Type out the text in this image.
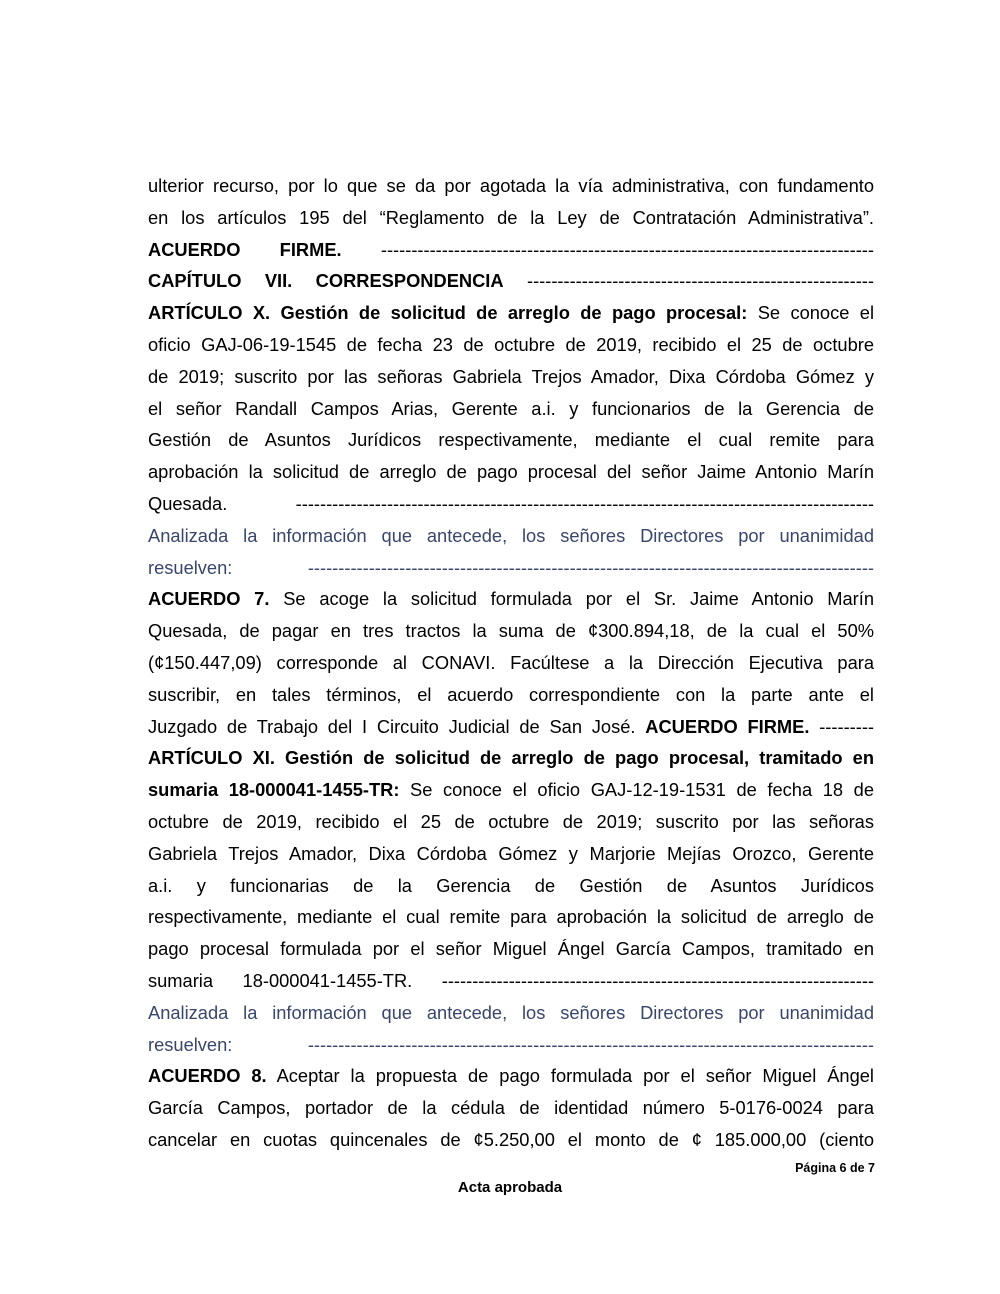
ulterior recurso, por lo que se da por agotada la vía administrativa, con fundamento
en los artículos 195 del “Reglamento de la Ley de Contratación Administrativa”.
ACUERDO FIRME. ---------------------------------------------------------------------------------
CAPÍTULO VII. CORRESPONDENCIA ---------------------------------------------------------
ARTÍCULO X. Gestión de solicitud de arreglo de pago procesal: Se conoce el
oficio GAJ-06-19-1545 de fecha 23 de octubre de 2019, recibido el 25 de octubre
de 2019; suscrito por las señoras Gabriela Trejos Amador, Dixa Córdoba Gómez y
el señor Randall Campos Arias, Gerente a.i. y funcionarios de la Gerencia de
Gestión de Asuntos Jurídicos respectivamente, mediante el cual remite para
aprobación la solicitud de arreglo de pago procesal del señor Jaime Antonio Marín
Quesada. -----------------------------------------------------------------------------------------------
Analizada la información que antecede, los señores Directores por unanimidad
resuelven: ---------------------------------------------------------------------------------------------
ACUERDO 7. Se acoge la solicitud formulada por el Sr. Jaime Antonio Marín
Quesada, de pagar en tres tractos la suma de ¢300.894,18, de la cual el 50%
(¢150.447,09) corresponde al CONAVI. Facúltese a la Dirección Ejecutiva para
suscribir, en tales términos, el acuerdo correspondiente con la parte ante el
Juzgado de Trabajo del I Circuito Judicial de San José. ACUERDO FIRME. ---------
ARTÍCULO XI. Gestión de solicitud de arreglo de pago procesal, tramitado en
sumaria 18-000041-1455-TR: Se conoce el oficio GAJ-12-19-1531 de fecha 18 de
octubre de 2019, recibido el 25 de octubre de 2019; suscrito por las señoras
Gabriela Trejos Amador, Dixa Córdoba Gómez y Marjorie Mejías Orozco, Gerente
a.i. y funcionarias de la Gerencia de Gestión de Asuntos Jurídicos
respectivamente, mediante el cual remite para aprobación la solicitud de arreglo de
pago procesal formulada por el señor Miguel Ángel García Campos, tramitado en
sumaria 18-000041-1455-TR. -----------------------------------------------------------------------
Analizada la información que antecede, los señores Directores por unanimidad
resuelven: ---------------------------------------------------------------------------------------------
ACUERDO 8. Aceptar la propuesta de pago formulada por el señor Miguel Ángel
García Campos, portador de la cédula de identidad número 5-0176-0024 para
cancelar en cuotas quincenales de ¢5.250,00 el monto de ¢ 185.000,00 (ciento
Página 6 de 7
Acta aprobada
